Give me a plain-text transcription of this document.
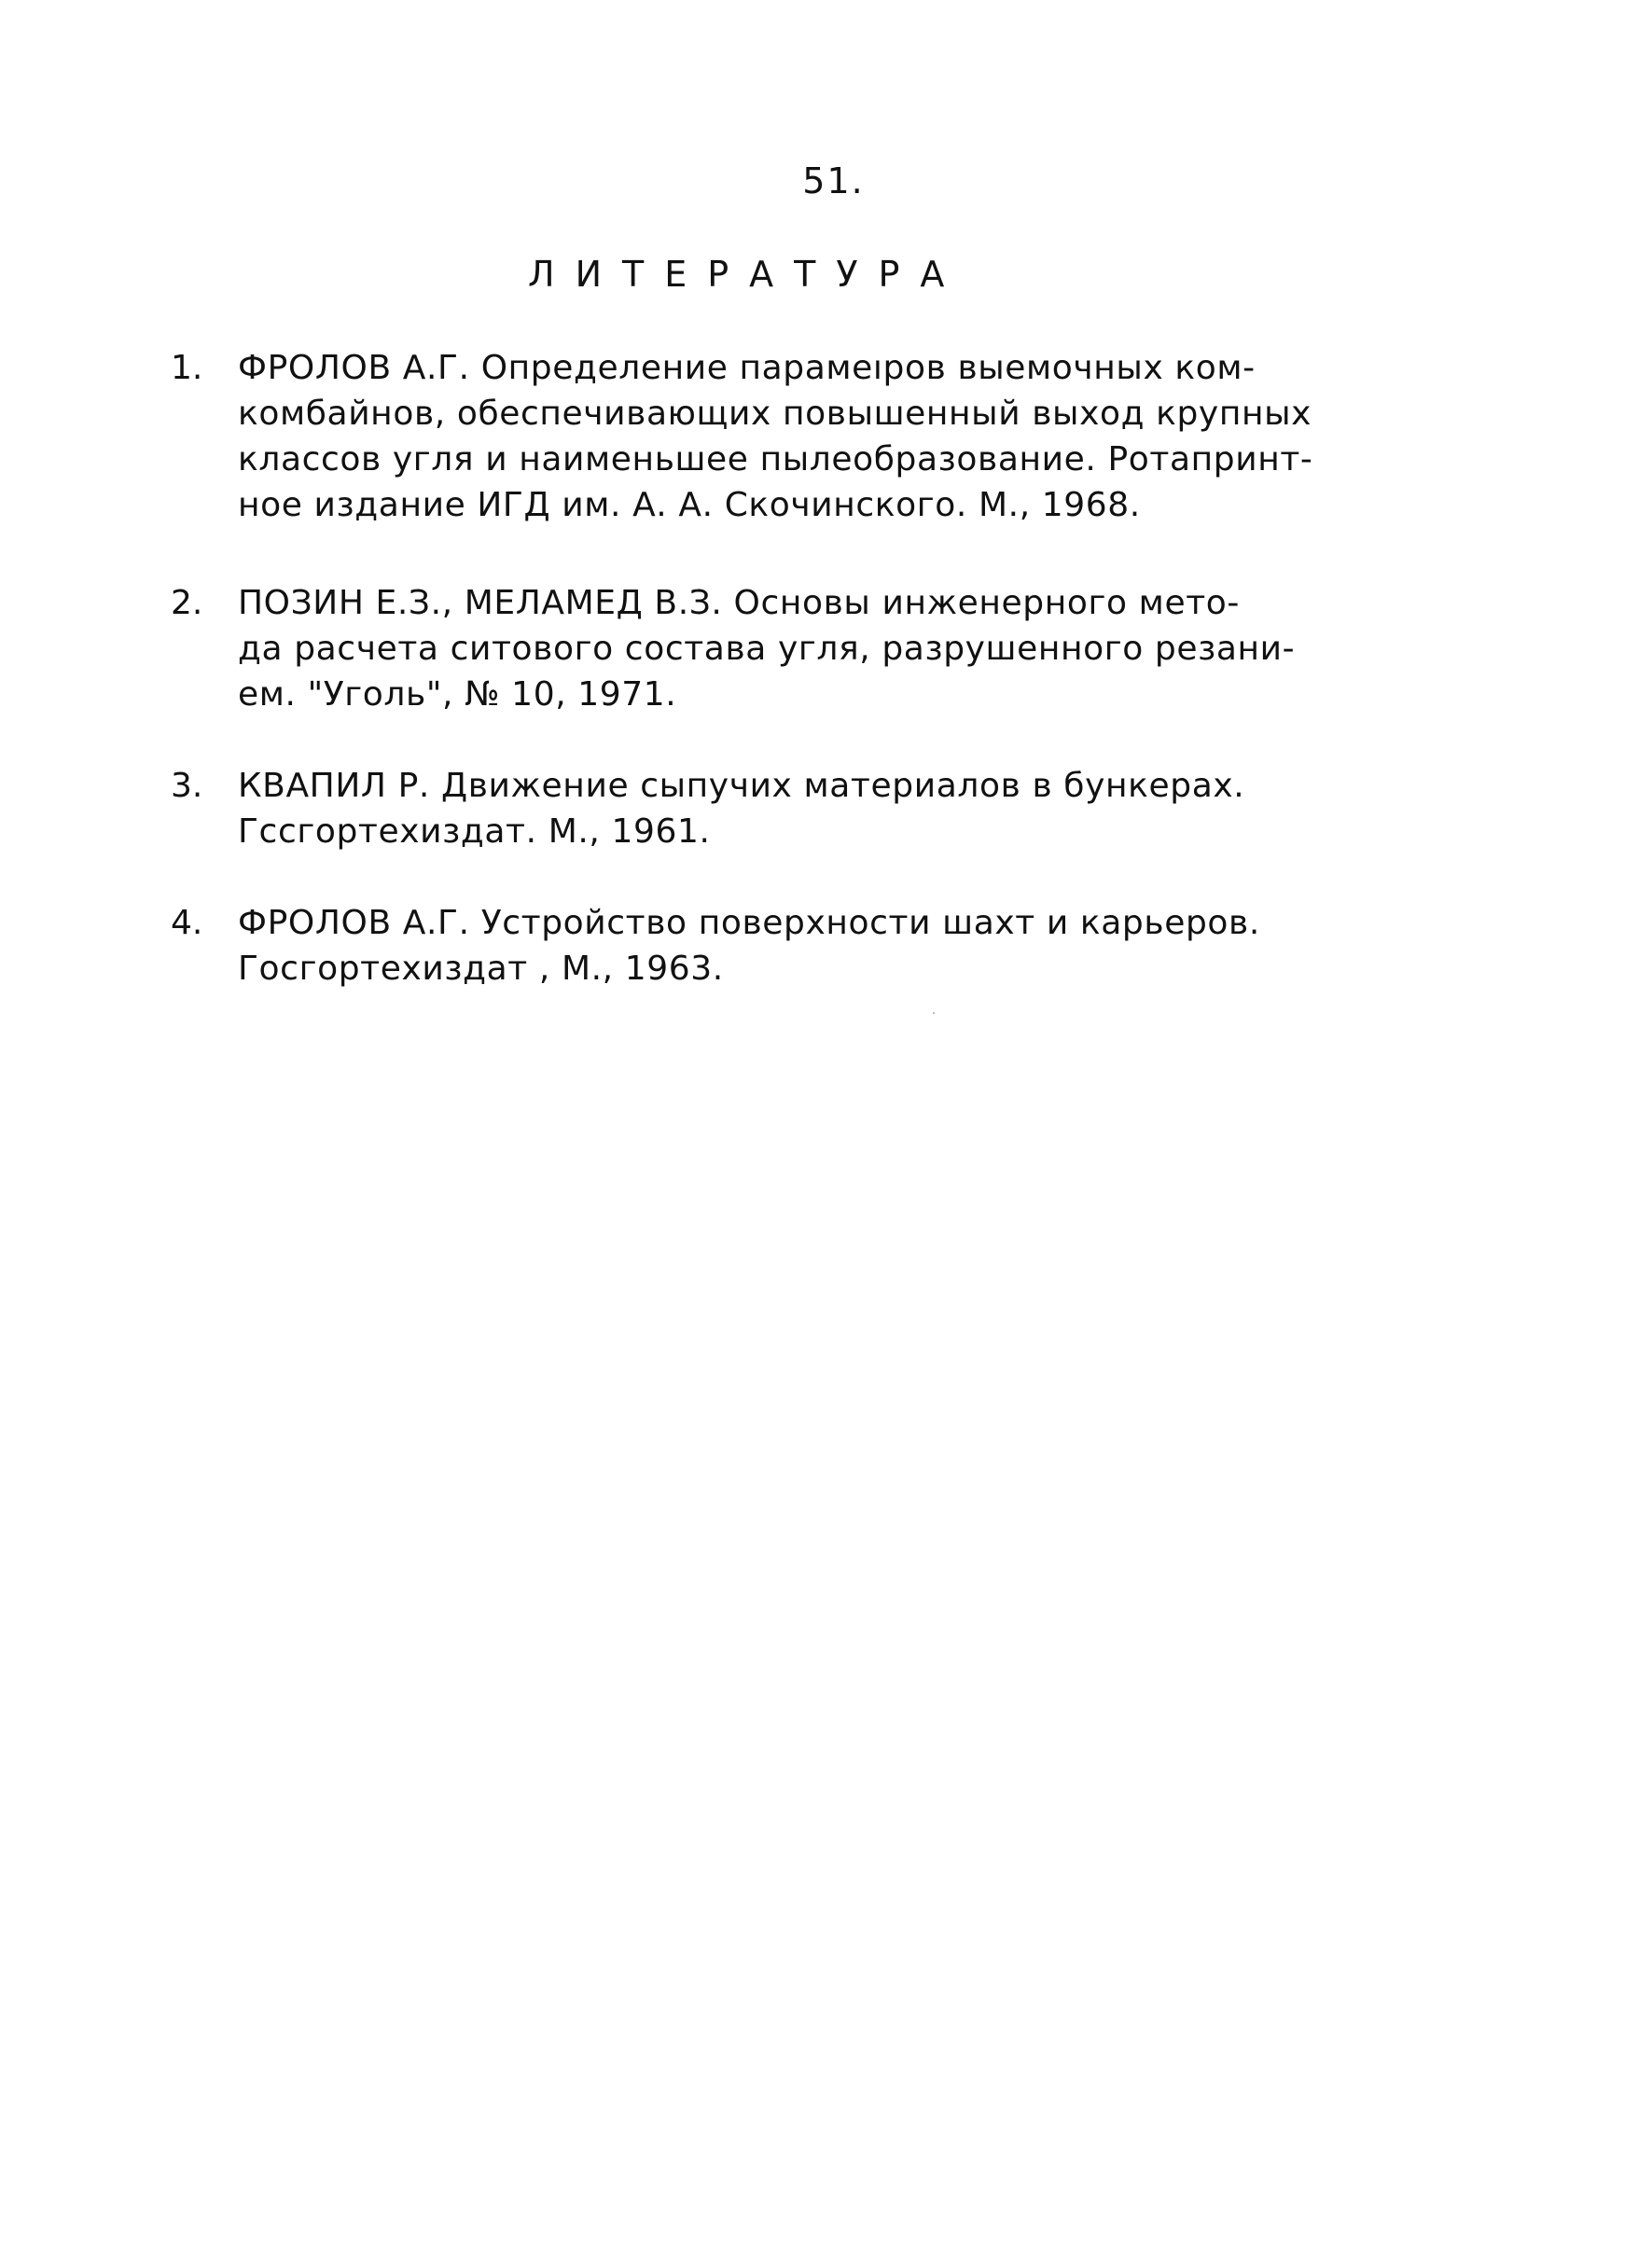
51.
ЛИТЕРАТУРА
1. ФРОЛОВ А.Г. Определение парамеıров выемочных ком-
комбайнов, обеспечивающих повышенный выход крупных
классов угля и наименьшее пылеобразование. Ротапринт-
ное издание ИГД им. А. А. Скочинского. М., 1968.
2. ПОЗИН Е.З., МЕЛАМЕД В.З. Основы инженерного мето-
да расчета ситового состава угля, разрушенного резани-
ем. "Уголь", № 10, 1971.
3. КВАПИЛ Р. Движение сыпучих материалов в бункерах.
Гссгортехиздат. М., 1961.
4. ФРОЛОВ А.Г. Устройство поверхности шахт и карьеров.
Госгортехиздат , М., 1963.
